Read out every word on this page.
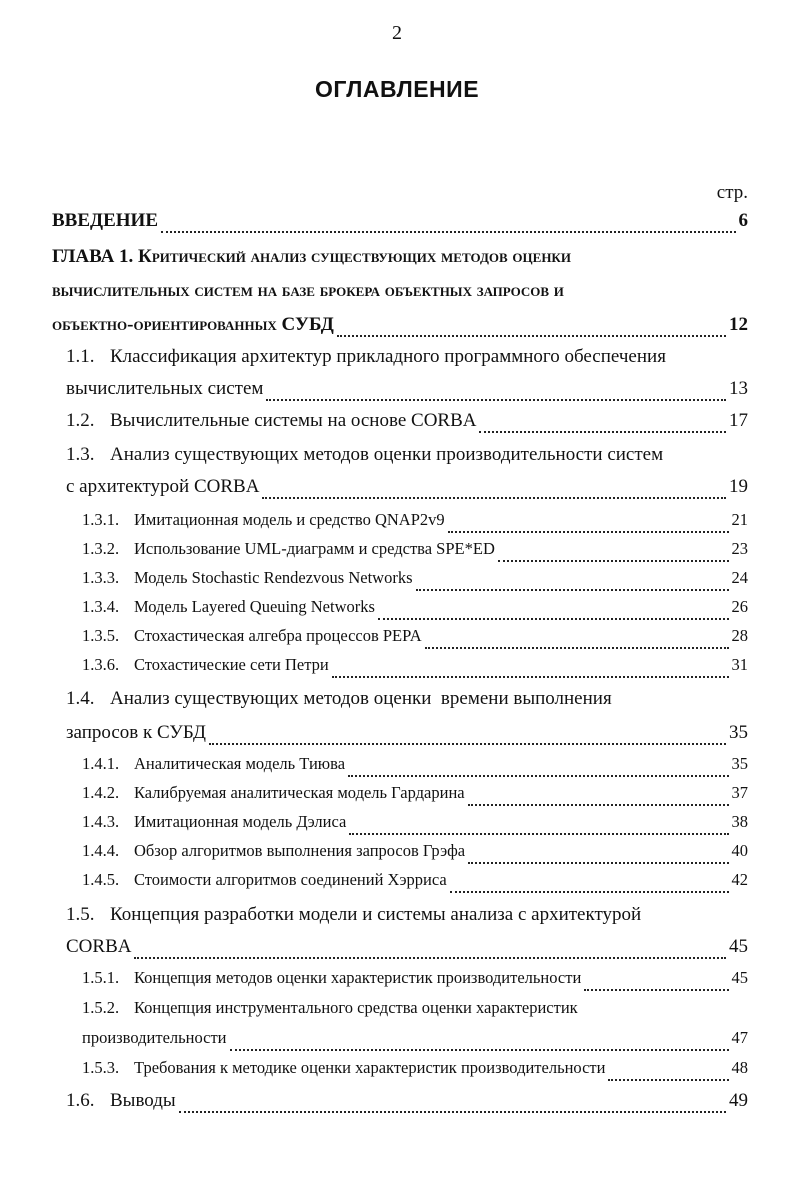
2
ОГЛАВЛЕНИЕ
стр.
ВВЕДЕНИЕ	6
ГЛАВА 1. Критический анализ существующих методов оценки
вычислительных систем на базе брокера объектных запросов и
объектно-ориентированных СУБД	12
1.1. Классификация архитектур прикладного программного обеспечения
вычислительных систем	13
1.2. Вычислительные системы на основе CORBA	17
1.3. Анализ существующих методов оценки производительности систем
с архитектурой CORBA	19
1.3.1. Имитационная модель и средство QNAP2v9	21
1.3.2. Использование UML-диаграмм и средства SPE*ED	23
1.3.3. Модель Stochastic Rendezvous Networks	24
1.3.4. Модель Layered Queuing Networks	26
1.3.5. Стохастическая алгебра процессов PEPA	28
1.3.6. Стохастические сети Петри	31
1.4. Анализ существующих методов оценки  времени выполнения
запросов к СУБД	35
1.4.1. Аналитическая модель Тиюва	35
1.4.2. Калибруемая аналитическая модель Гардарина	37
1.4.3. Имитационная модель Дэлиса	38
1.4.4. Обзор алгоритмов выполнения запросов Грэфа	40
1.4.5. Стоимости алгоритмов соединений Хэрриса	42
1.5. Концепция разработки модели и системы анализа с архитектурой
CORBA	45
1.5.1. Концепция методов оценки характеристик производительности	45
1.5.2. Концепция инструментального средства оценки характеристик
производительности	47
1.5.3. Требования к методике оценки характеристик производительности	48
1.6. Выводы	49
